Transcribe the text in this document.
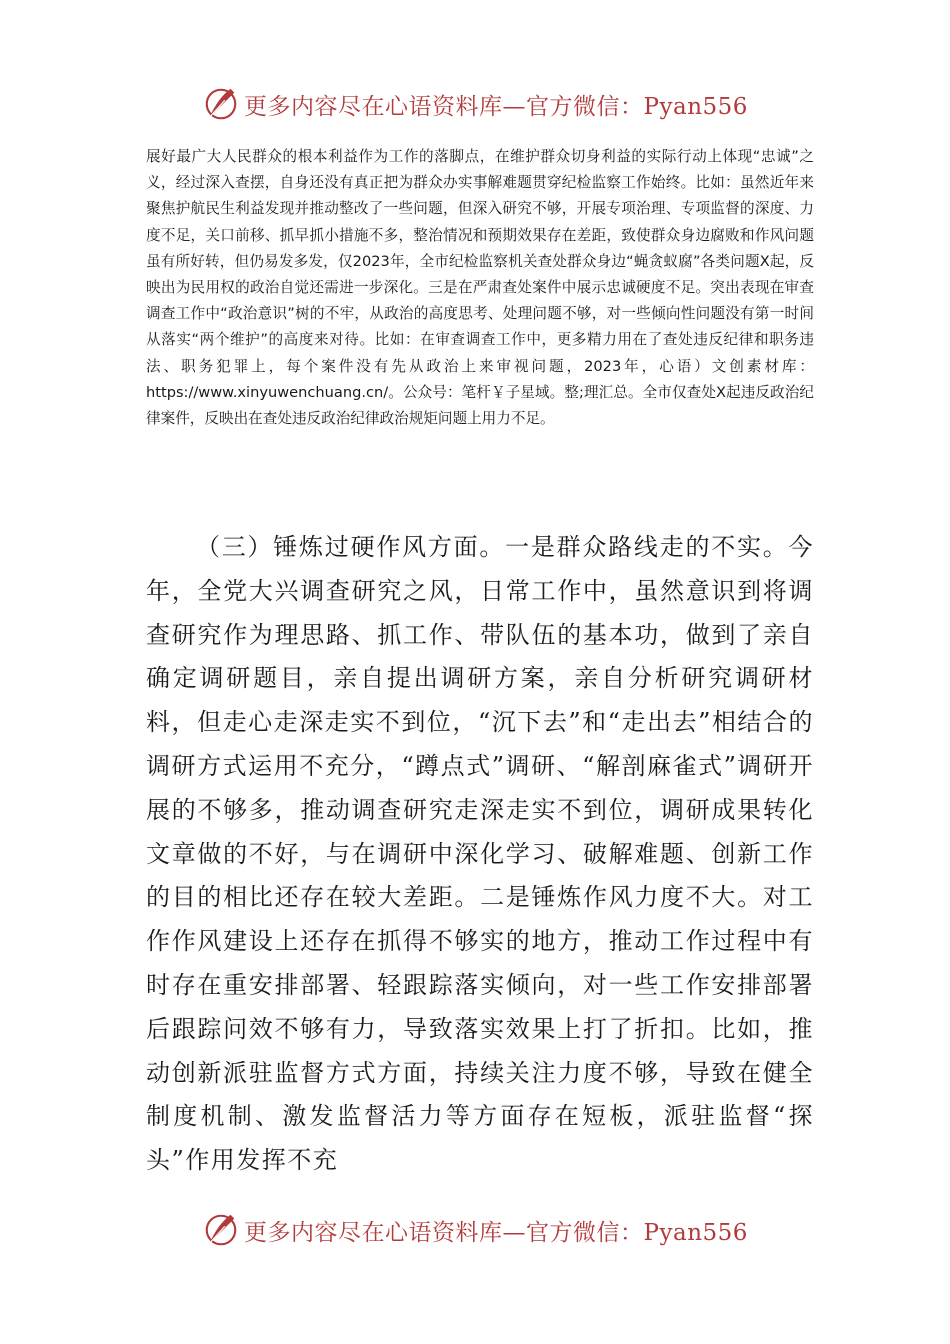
更多内容尽在心语资料库—官方微信：Pyan556

展好最广大人民群众的根本利益作为工作的落脚点，在维护群众切身利益的实际行动上体现“忠诚”之义，经过深入查摆，自身还没有真正把为群众办实事解难题贯穿纪检监察工作始终。比如：虽然近年来聚焦护航民生利益发现并推动整改了一些问题，但深入研究不够，开展专项治理、专项监督的深度、力度不足，关口前移、抓早抓小措施不多，整治情况和预期效果存在差距，致使群众身边腐败和作风问题虽有所好转，但仍易发多发，仅2023年，全市纪检监察机关查处群众身边“蝇贪蚁腐”各类问题X起，反映出为民用权的政治自觉还需进一步深化。三是在严肃查处案件中展示忠诚硬度不足。突出表现在审查调查工作中“政治意识”树的不牢，从政治的高度思考、处理问题不够，对一些倾向性问题没有第一时间从落实“两个维护”的高度来对待。比如：在审查调查工作中，更多精力用在了查处违反纪律和职务违法、职务犯罪上，每个案件没有先从政治上来审视问题，2023年，心语）文创素材库：https://www.xinyuwenchuang.cn/。公众号：笔杆￥子星域。整;理汇总。全市仅查处X起违反政治纪律案件，反映出在查处违反政治纪律政治规矩问题上用力不足。

（三）锤炼过硬作风方面。一是群众路线走的不实。今年，全党大兴调查研究之风，日常工作中，虽然意识到将调查研究作为理思路、抓工作、带队伍的基本功，做到了亲自确定调研题目，亲自提出调研方案，亲自分析研究调研材料，但走心走深走实不到位，“沉下去”和“走出去”相结合的调研方式运用不充分，“蹲点式”调研、“解剖麻雀式”调研开展的不够多，推动调查研究走深走实不到位，调研成果转化文章做的不好，与在调研中深化学习、破解难题、创新工作的目的相比还存在较大差距。二是锤炼作风力度不大。对工作作风建设上还存在抓得不够实的地方，推动工作过程中有时存在重安排部署、轻跟踪落实倾向，对一些工作安排部署后跟踪问效不够有力，导致落实效果上打了折扣。比如，推动创新派驻监督方式方面，持续关注力度不够，导致在健全制度机制、激发监督活力等方面存在短板，派驻监督“探头”作用发挥不充

更多内容尽在心语资料库—官方微信：Pyan556
